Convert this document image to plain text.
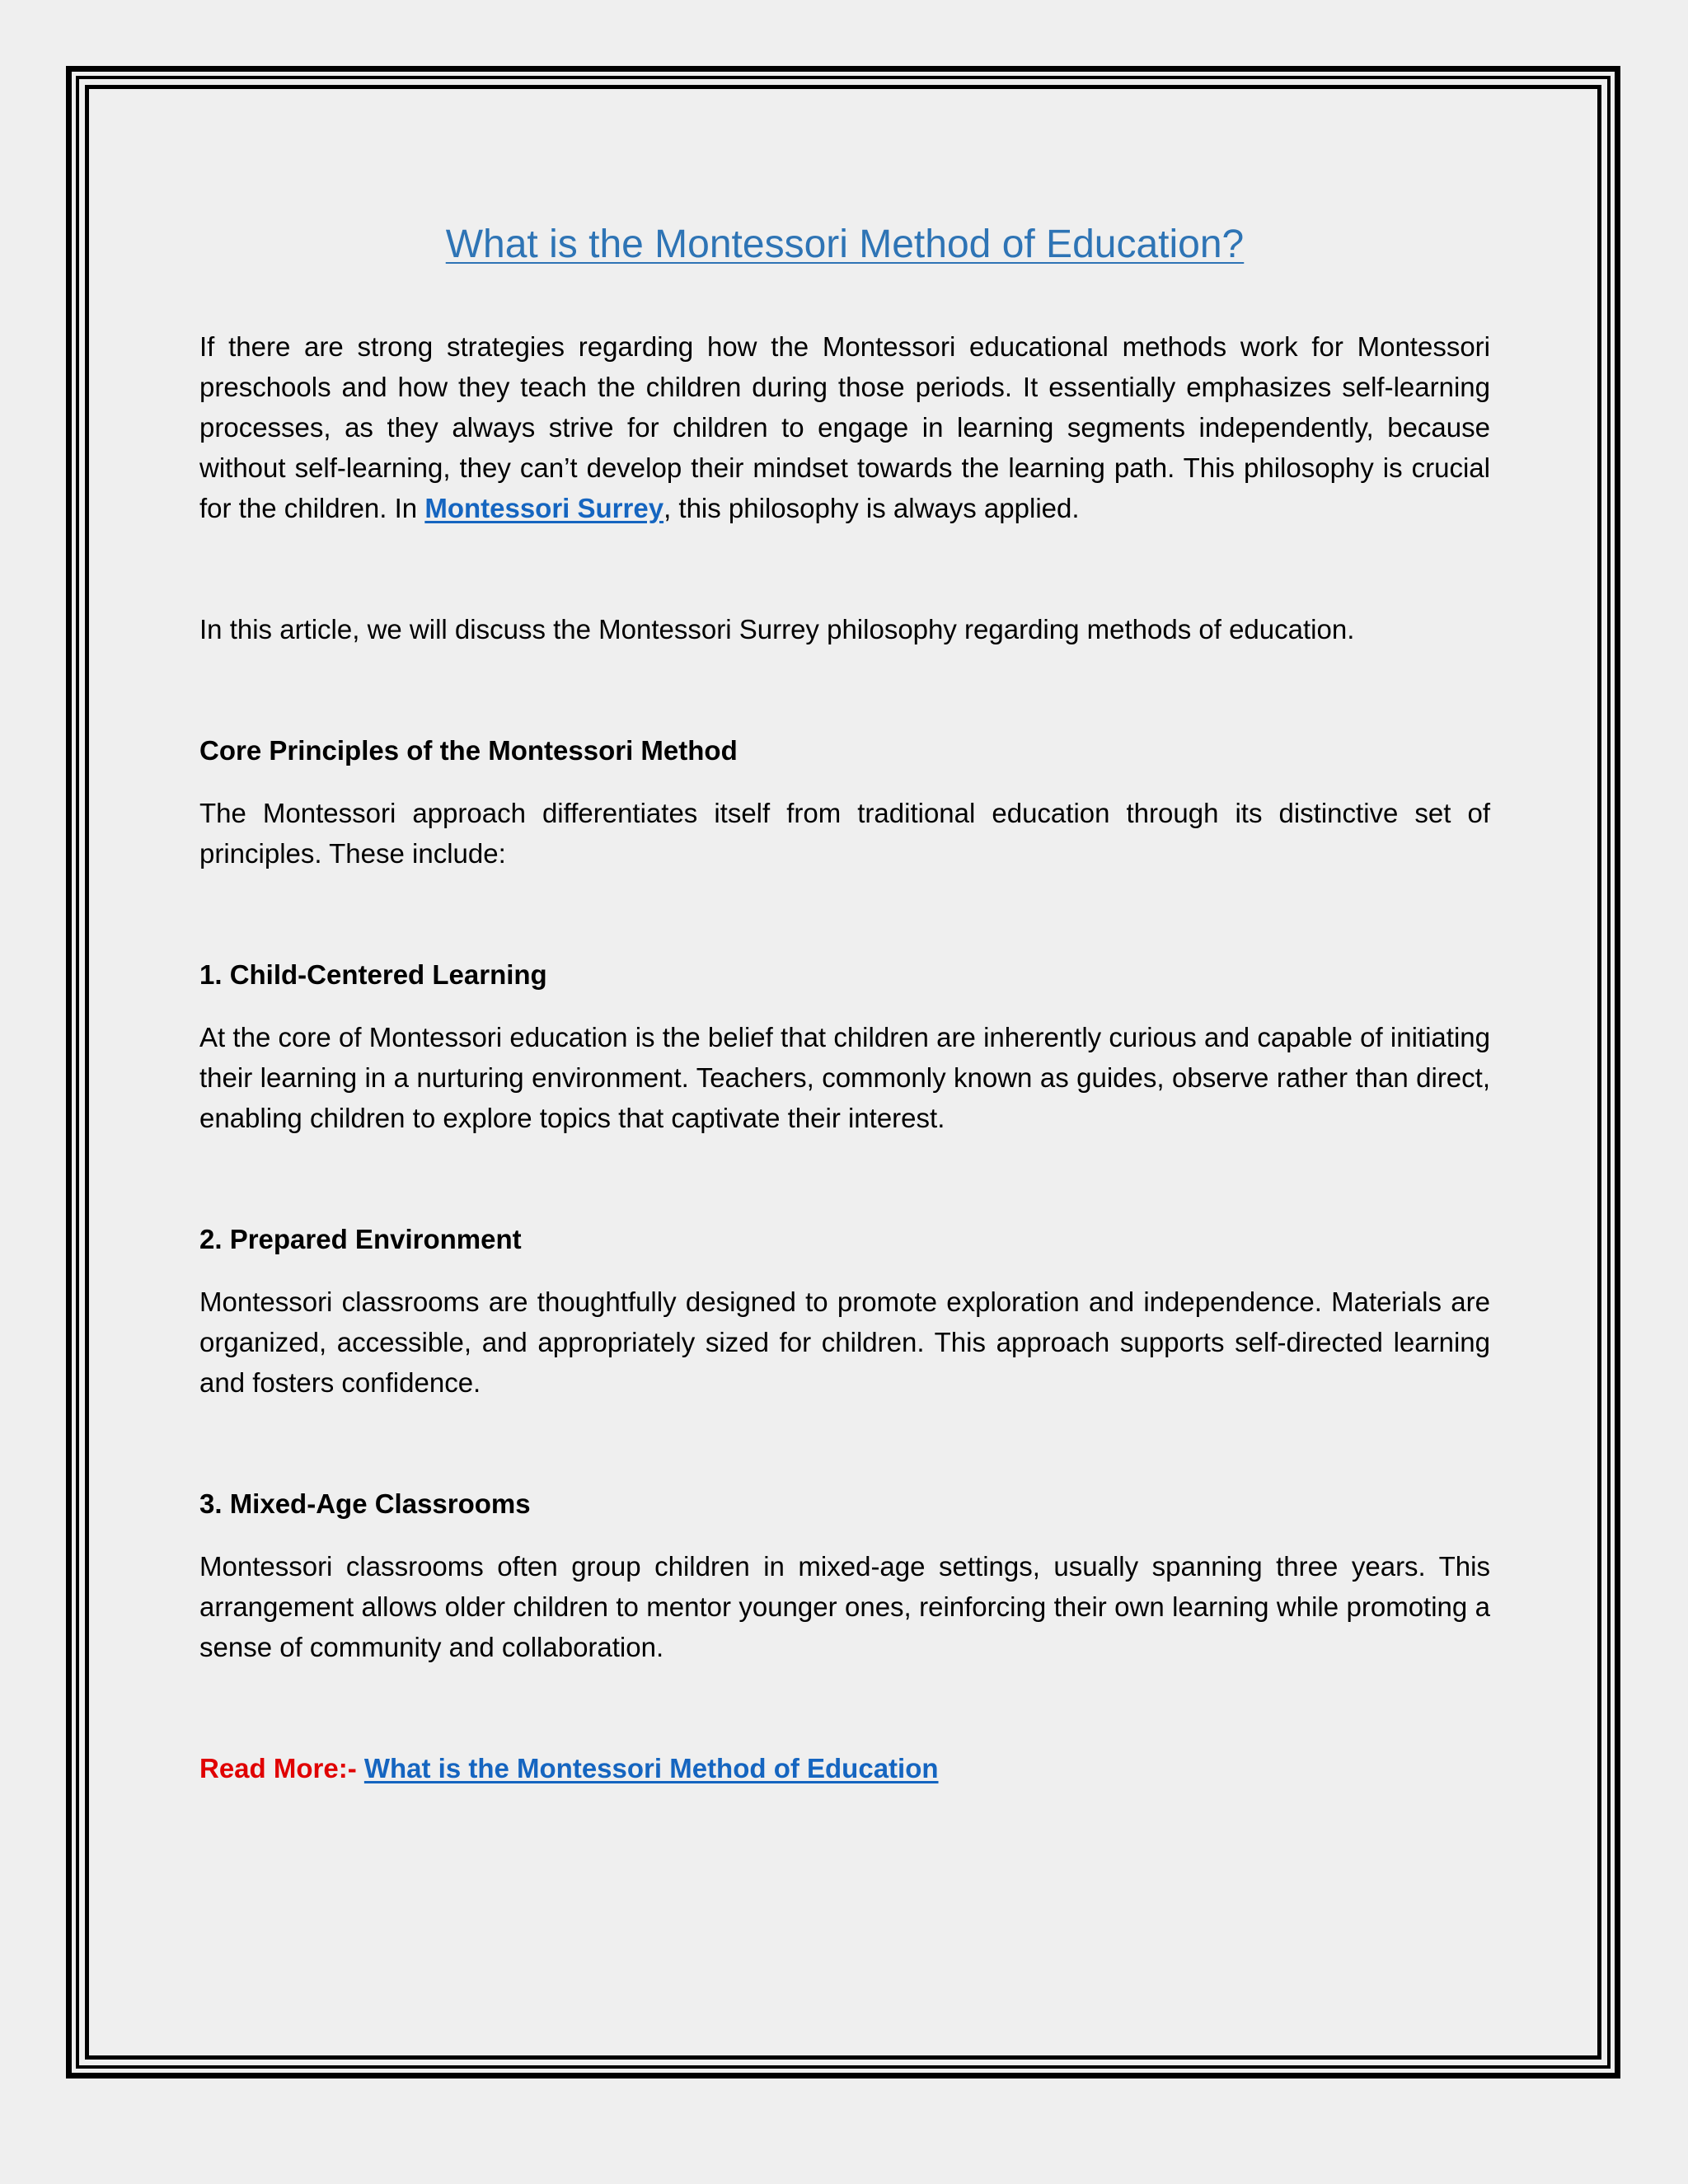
What is the Montessori Method of Education?

If there are strong strategies regarding how the Montessori educational methods work for Montessori preschools and how they teach the children during those periods. It essentially emphasizes self-learning processes, as they always strive for children to engage in learning segments independently, because without self-learning, they can’t develop their mindset towards the learning path. This philosophy is crucial for the children. In Montessori Surrey, this philosophy is always applied.

In this article, we will discuss the Montessori Surrey philosophy regarding methods of education.

Core Principles of the Montessori Method

The Montessori approach differentiates itself from traditional education through its distinctive set of principles. These include:

1. Child-Centered Learning

At the core of Montessori education is the belief that children are inherently curious and capable of initiating their learning in a nurturing environment. Teachers, commonly known as guides, observe rather than direct, enabling children to explore topics that captivate their interest.

2. Prepared Environment

Montessori classrooms are thoughtfully designed to promote exploration and independence. Materials are organized, accessible, and appropriately sized for children. This approach supports self-directed learning and fosters confidence.

3. Mixed-Age Classrooms

Montessori classrooms often group children in mixed-age settings, usually spanning three years. This arrangement allows older children to mentor younger ones, reinforcing their own learning while promoting a sense of community and collaboration.

Read More:- What is the Montessori Method of Education
